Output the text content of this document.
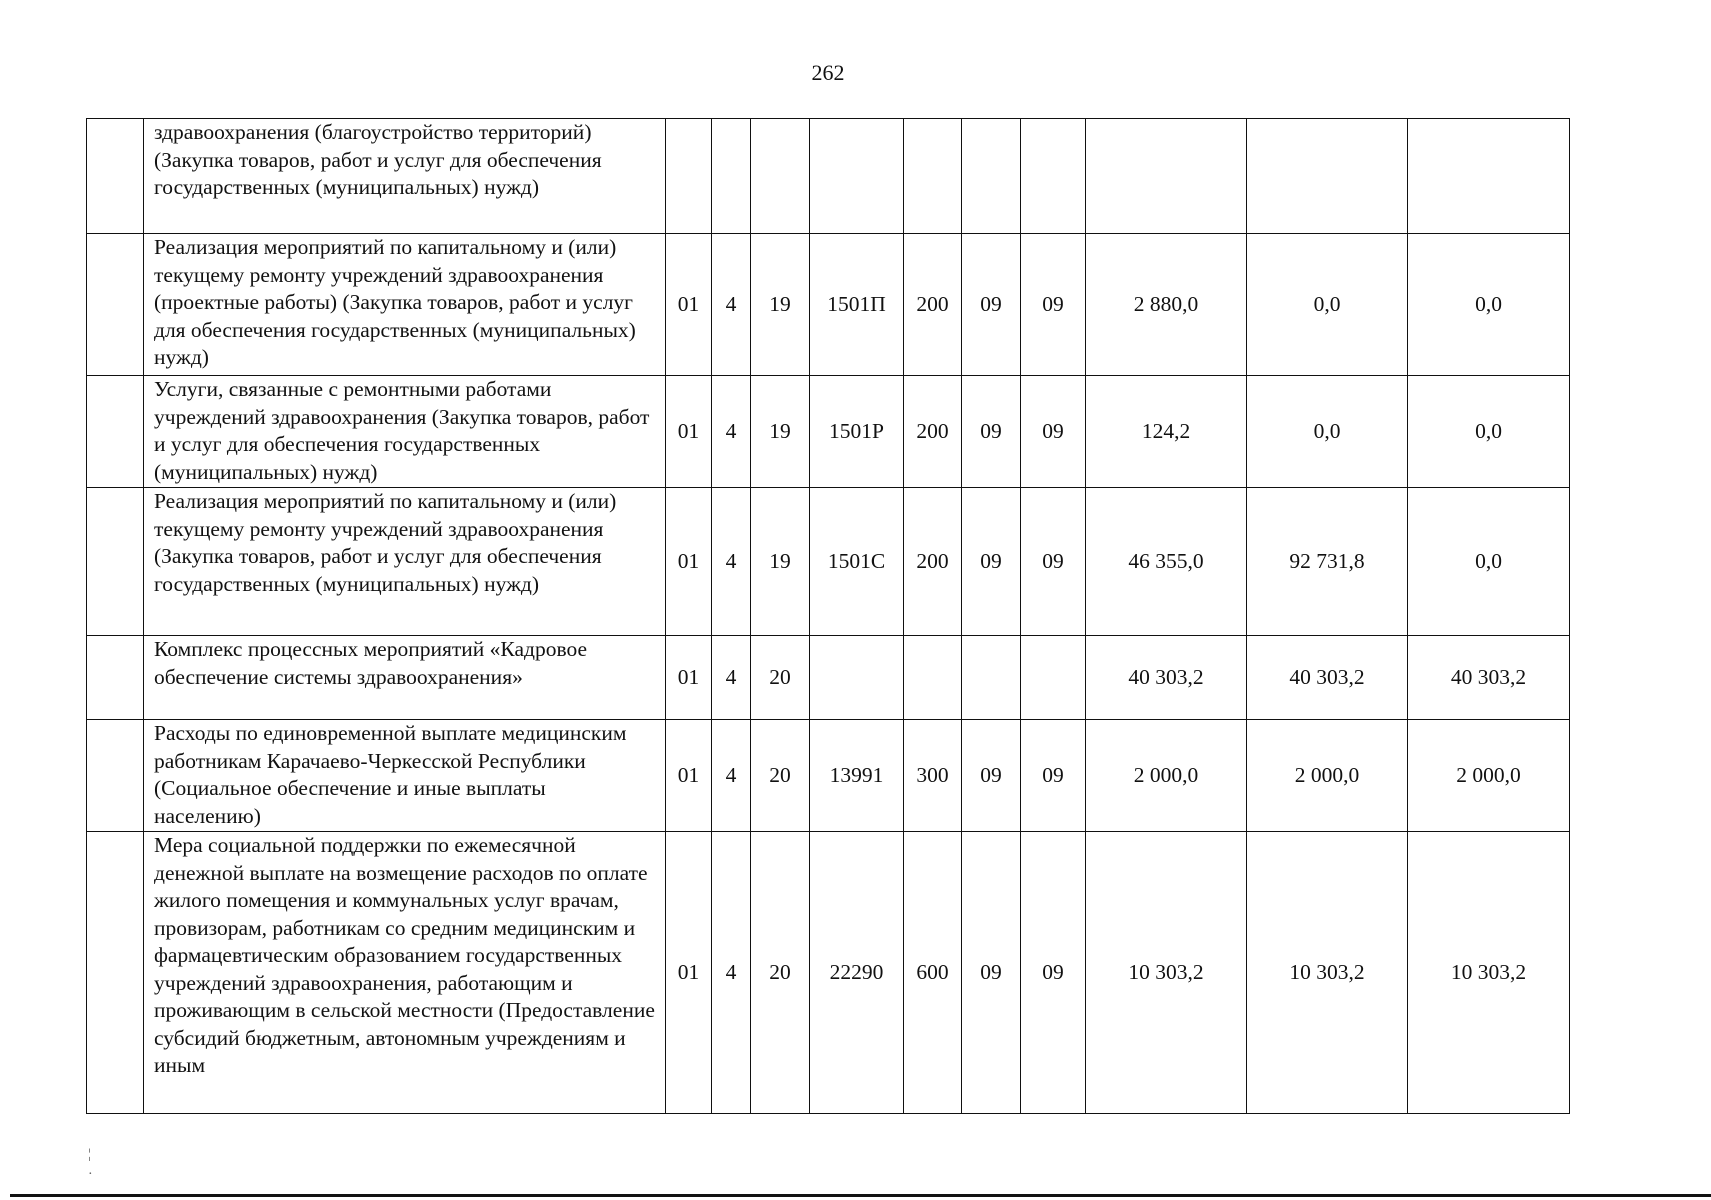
262
	здравоохранения (благоустройство территорий) (Закупка товаров, работ и услуг для обеспечения государственных (муниципальных) нужд)										
	Реализация мероприятий по капитальному и (или) текущему ремонту учреждений здравоохранения (проектные работы) (Закупка товаров, работ и услуг для обеспечения государственных (муниципальных) нужд)	01	4	19	1501П	200	09	09	2 880,0	0,0	0,0
	Услуги, связанные с ремонтными работами учреждений здравоохранения (Закупка товаров, работ и услуг для обеспечения государственных (муниципальных) нужд)	01	4	19	1501Р	200	09	09	124,2	0,0	0,0
	Реализация мероприятий по капитальному и (или) текущему ремонту учреждений здравоохранения (Закупка товаров, работ и услуг для обеспечения государственных (муниципальных) нужд)	01	4	19	1501С	200	09	09	46 355,0	92 731,8	0,0
	Комплекс процессных мероприятий «Кадровое обеспечение системы здравоохранения»	01	4	20					40 303,2	40 303,2	40 303,2
	Расходы по единовременной выплате медицинским работникам Карачаево-Черкесской Республики (Социальное обеспечение и иные выплаты населению)	01	4	20	13991	300	09	09	2 000,0	2 000,0	2 000,0
	Мера социальной поддержки по ежемесячной денежной выплате на возмещение расходов по оплате жилого помещения и коммунальных услуг врачам, провизорам, работникам со средним медицинским и фармацевтическим образованием государственных учреждений здравоохранения, работающим и проживающим в сельской местности (Предоставление субсидий бюджетным, автономным учреждениям и иным	01	4	20	22290	600	09	09	10 303,2	10 303,2	10 303,2
¦
·
